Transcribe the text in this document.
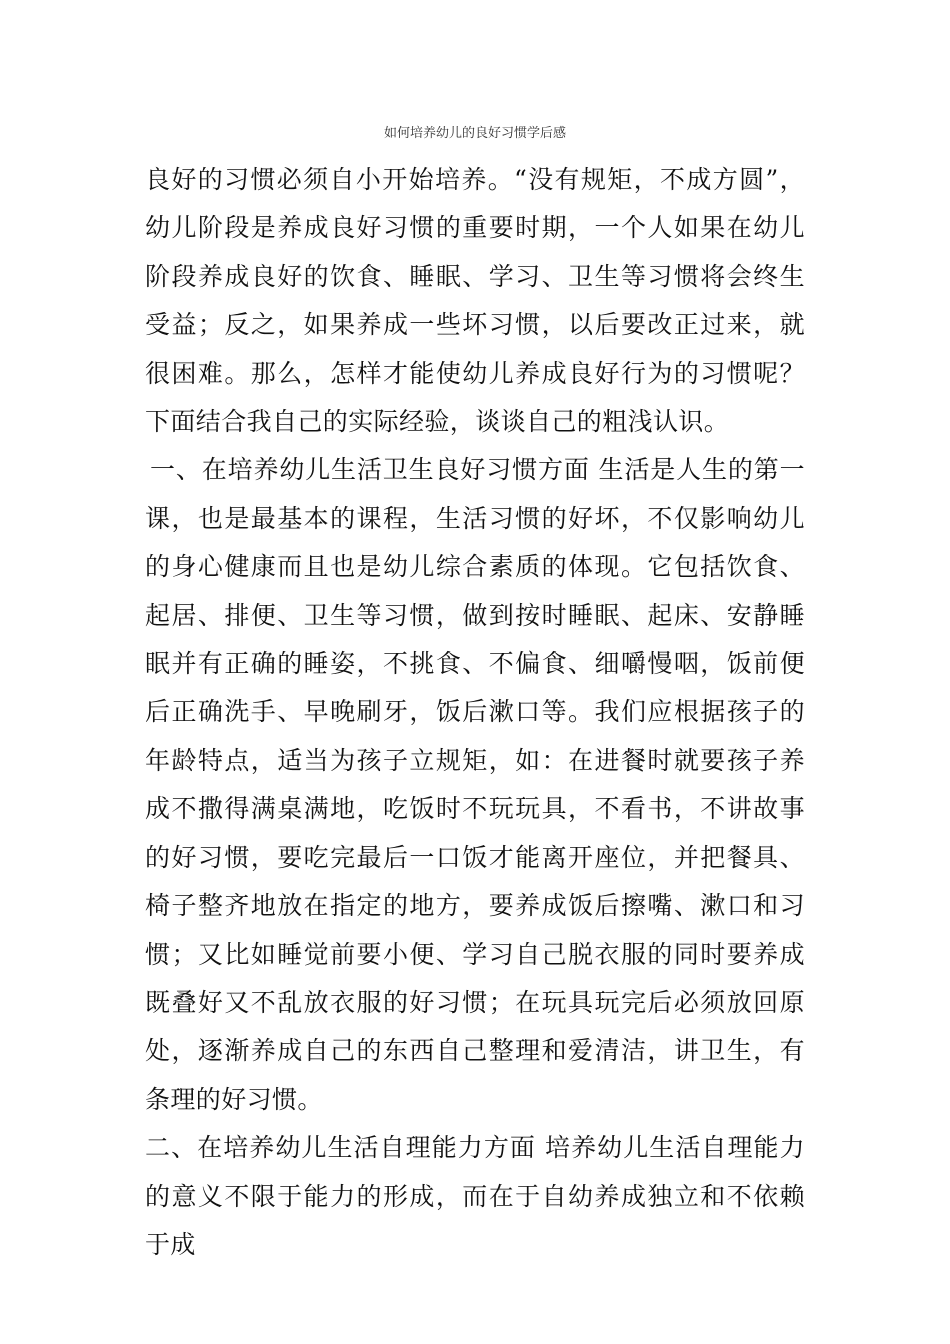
如何培养幼儿的良好习惯学后感

良好的习惯必须自小开始培养。“没有规矩，不成方圆”，幼儿阶段是养成良好习惯的重要时期，一个人如果在幼儿阶段养成良好的饮食、睡眠、学习、卫生等习惯将会终生受益；反之，如果养成一些坏习惯，以后要改正过来，就很困难。那么，怎样才能使幼儿养成良好行为的习惯呢？下面结合我自己的实际经验，谈谈自己的粗浅认识。

一、在培养幼儿生活卫生良好习惯方面 生活是人生的第一课，也是最基本的课程，生活习惯的好坏，不仅影响幼儿的身心健康而且也是幼儿综合素质的体现。它包括饮食、起居、排便、卫生等习惯，做到按时睡眠、起床、安静睡眠并有正确的睡姿，不挑食、不偏食、细嚼慢咽，饭前便后正确洗手、早晚刷牙，饭后漱口等。我们应根据孩子的年龄特点，适当为孩子立规矩，如：在进餐时就要孩子养成不撒得满桌满地，吃饭时不玩玩具，不看书，不讲故事的好习惯，要吃完最后一口饭才能离开座位，并把餐具、椅子整齐地放在指定的地方，要养成饭后擦嘴、漱口和习惯；又比如睡觉前要小便、学习自己脱衣服的同时要养成既叠好又不乱放衣服的好习惯；在玩具玩完后必须放回原处，逐渐养成自己的东西自己整理和爱清洁，讲卫生，有条理的好习惯。

二、在培养幼儿生活自理能力方面 培养幼儿生活自理能力的意义不限于能力的形成，而在于自幼养成独立和不依赖于成
